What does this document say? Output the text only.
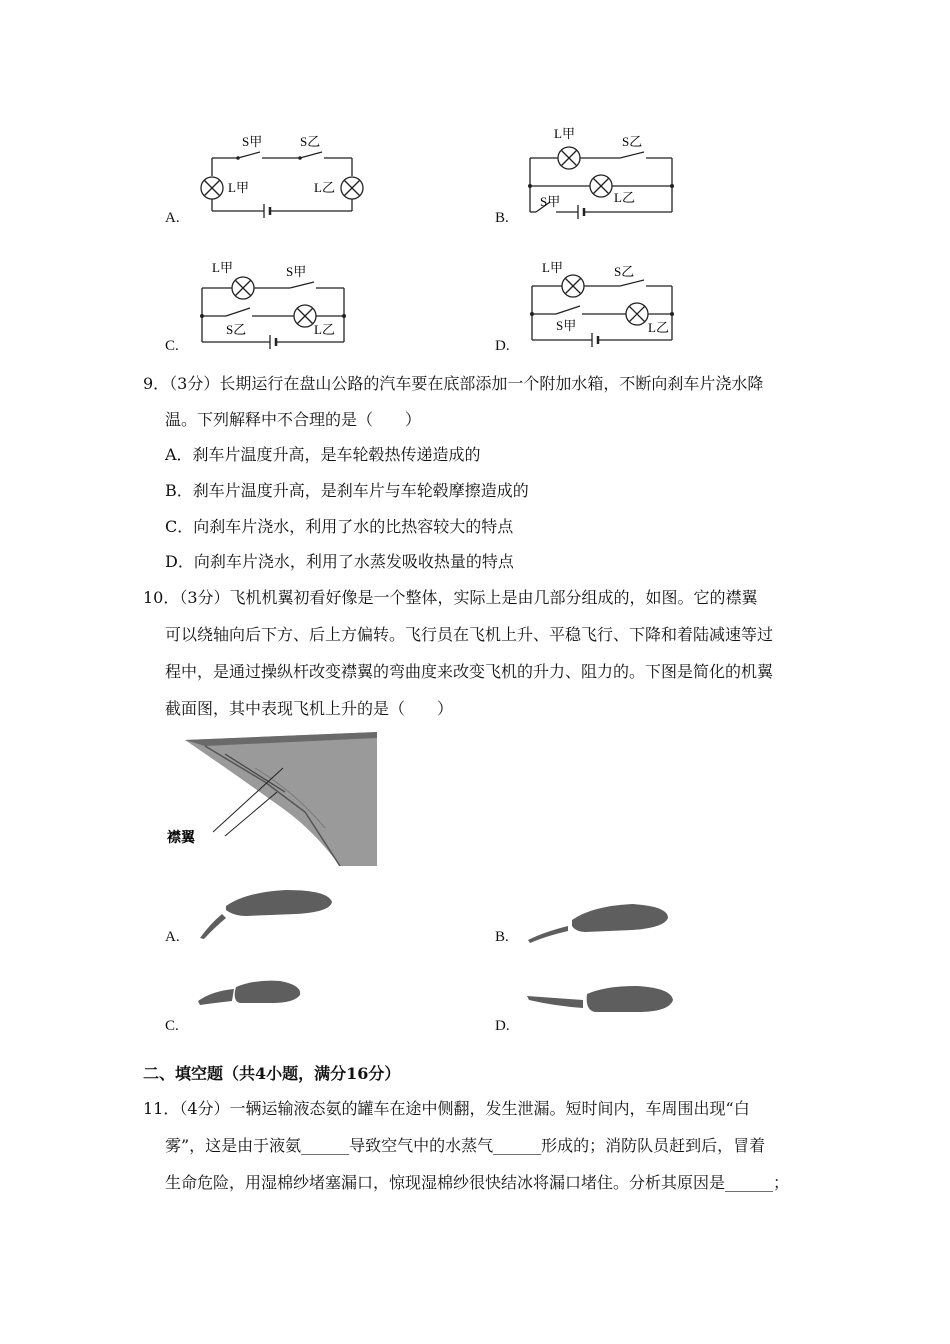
A.
S甲	S乙
L甲	L乙
B.
L甲
S乙
S甲	L乙
C.
L甲	S甲
S乙	L乙
D.
L甲	S乙
S甲	L乙
9．（3分）长期运行在盘山公路的汽车要在底部添加一个附加水箱，不断向刹车片浇水降
温。下列解释中不合理的是（　　）
A．刹车片温度升高，是车轮毂热传递造成的
B．刹车片温度升高，是刹车片与车轮毂摩擦造成的
C．向刹车片浇水，利用了水的比热容较大的特点
D．向刹车片浇水，利用了水蒸发吸收热量的特点
10．（3分）飞机机翼初看好像是一个整体，实际上是由几部分组成的，如图。它的襟翼
可以绕轴向后下方、后上方偏转。飞行员在飞机上升、平稳飞行、下降和着陆减速等过
程中，是通过操纵杆改变襟翼的弯曲度来改变飞机的升力、阻力的。下图是简化的机翼
截面图，其中表现飞机上升的是（　　）
襟翼
A.	B.
C.	D.
二、填空题（共4小题，满分16分）
11．（4分）一辆运输液态氨的罐车在途中侧翻，发生泄漏。短时间内，车周围出现“白
雾”，这是由于液氨______导致空气中的水蒸气______形成的；消防队员赶到后，冒着
生命危险，用湿棉纱堵塞漏口，惊现湿棉纱很快结冰将漏口堵住。分析其原因是______；
